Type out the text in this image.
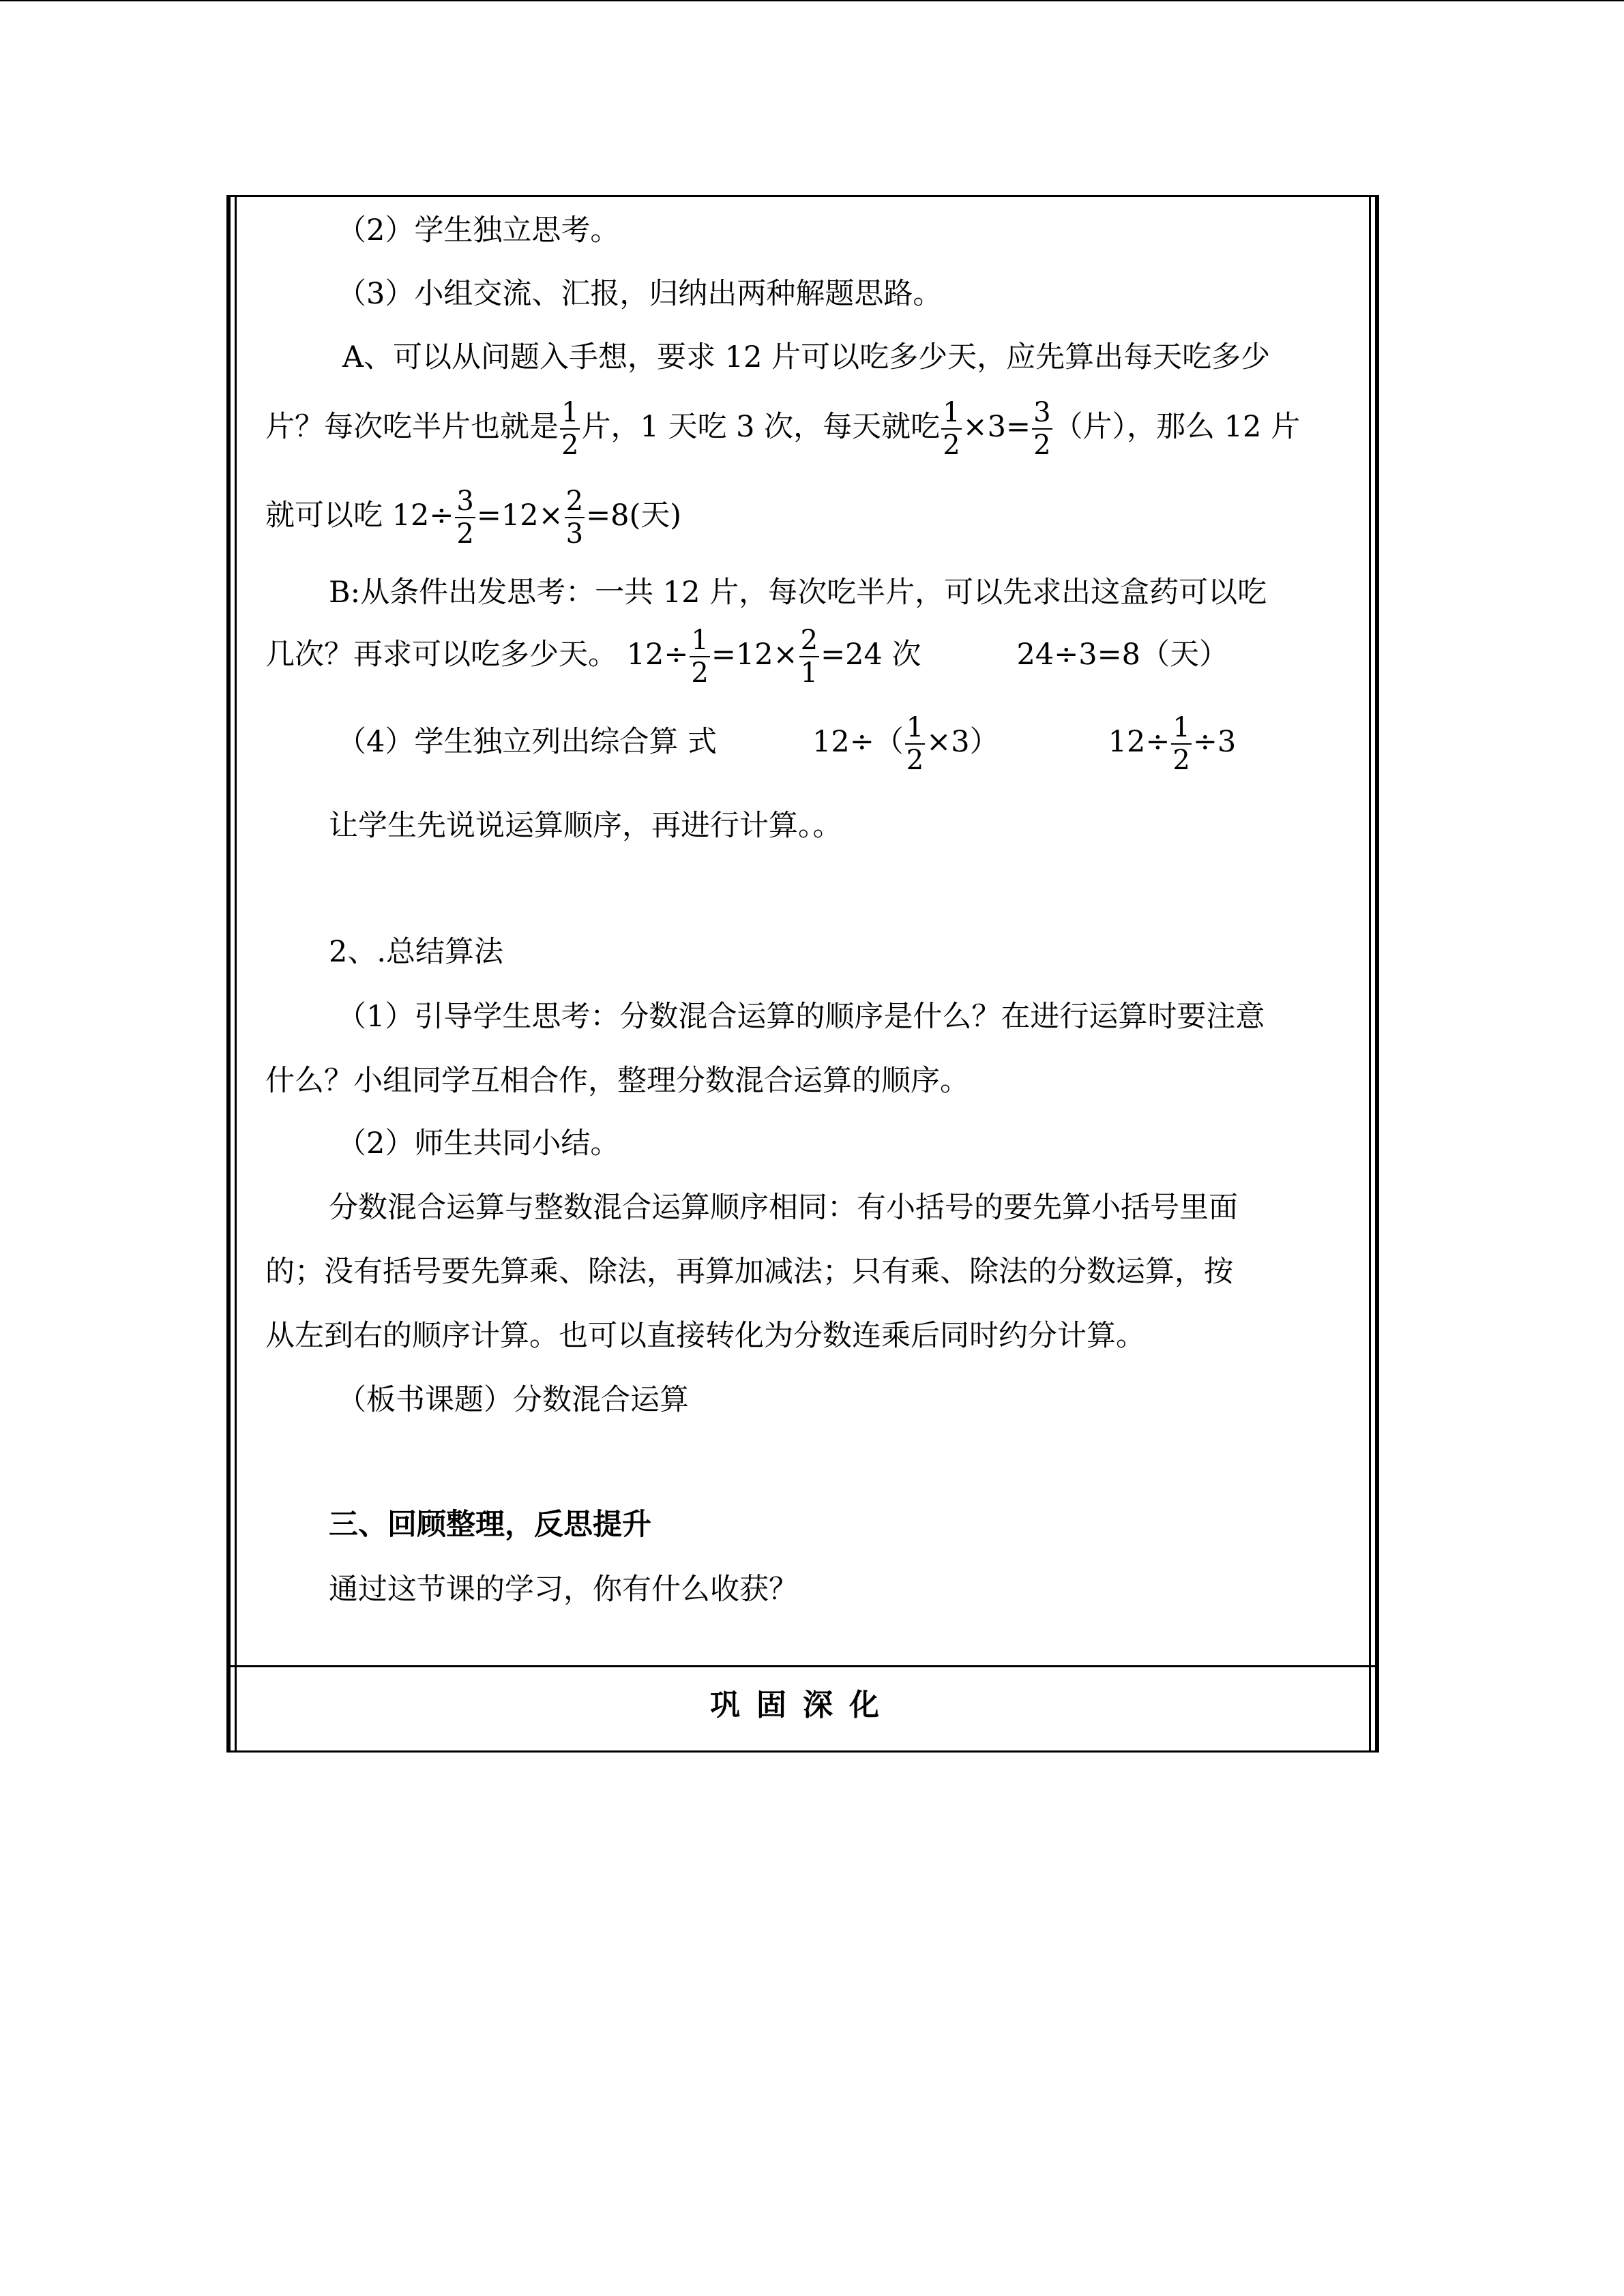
（2）学生独立思考。
（3）小组交流、汇报，归纳出两种解题思路。
A、可以从问题入手想，要求 12 片可以吃多少天，应先算出每天吃多少
片？每次吃半片也就是 $\frac{1}{2}$ 片，1 天吃 3 次，每天就吃 $\frac{1}{2} \times 3= \frac{3}{2}$ （片），那么 12 片
就可以吃 $12\div \frac{3}{2} =12\times \frac{2}{3} =8$(天)
B:从条件出发思考：一共 12 片，每次吃半片，可以先求出这盒药可以吃
几次？再求可以吃多少天。 $12\div \frac{1}{2} =12\times \frac{2}{1} =24$ 次	24÷3=8（天）
（4）学生独立列出综合算 式	$12\div( \frac{1}{2} \times 3)$	$12\div \frac{1}{2} \div 3$
让学生先说说运算顺序，再进行计算。。
2、.总结算法
（1）引导学生思考：分数混合运算的顺序是什么？在进行运算时要注意
什么？小组同学互相合作，整理分数混合运算的顺序。
（2）师生共同小结。
分数混合运算与整数混合运算顺序相同：有小括号的要先算小括号里面
的；没有括号要先算乘、除法，再算加减法；只有乘、除法的分数运算，按
从左到右的顺序计算。也可以直接转化为分数连乘后同时约分计算。
（板书课题）分数混合运算
三、回顾整理，反思提升
通过这节课的学习，你有什么收获？
巩固深化
